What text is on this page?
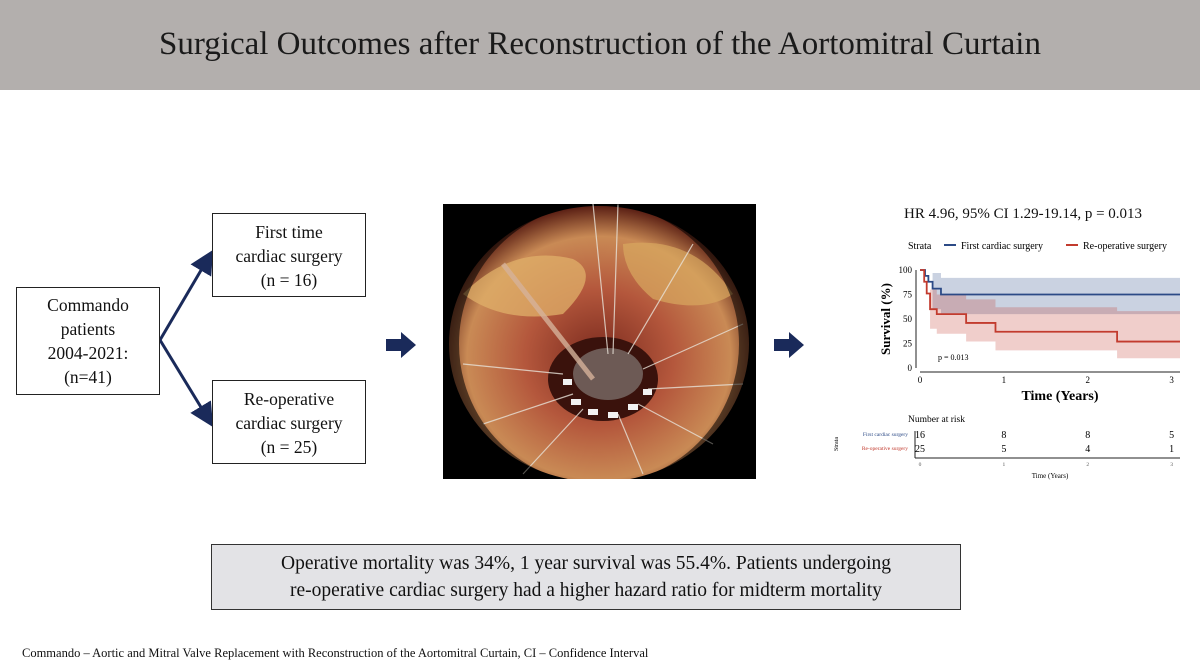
Surgical Outcomes after Reconstruction of the Aortomitral Curtain
Commando
patients
2004-2021:
(n=41)
First time
cardiac surgery
(n = 16)
Re-operative
cardiac surgery
(n = 25)
HR 4.96, 95% CI 1.29-19.14, p = 0.013
Strata	First cardiac surgery	Re-operative surgery
0
25
50
75
100
0	1	2	3
Survival (%)
Time (Years)
p = 0.013
Number at risk
Strata
First cardiac surgery 16	8	8	5
Re-operative surgery 25	5	4	1
0	1	2	3
Time (Years)
Operative mortality was 34%, 1 year survival was 55.4%. Patients undergoing
re-operative cardiac surgery had a higher hazard ratio for midterm mortality
Commando – Aortic and Mitral Valve Replacement with Reconstruction of the Aortomitral Curtain, CI – Confidence Interval
